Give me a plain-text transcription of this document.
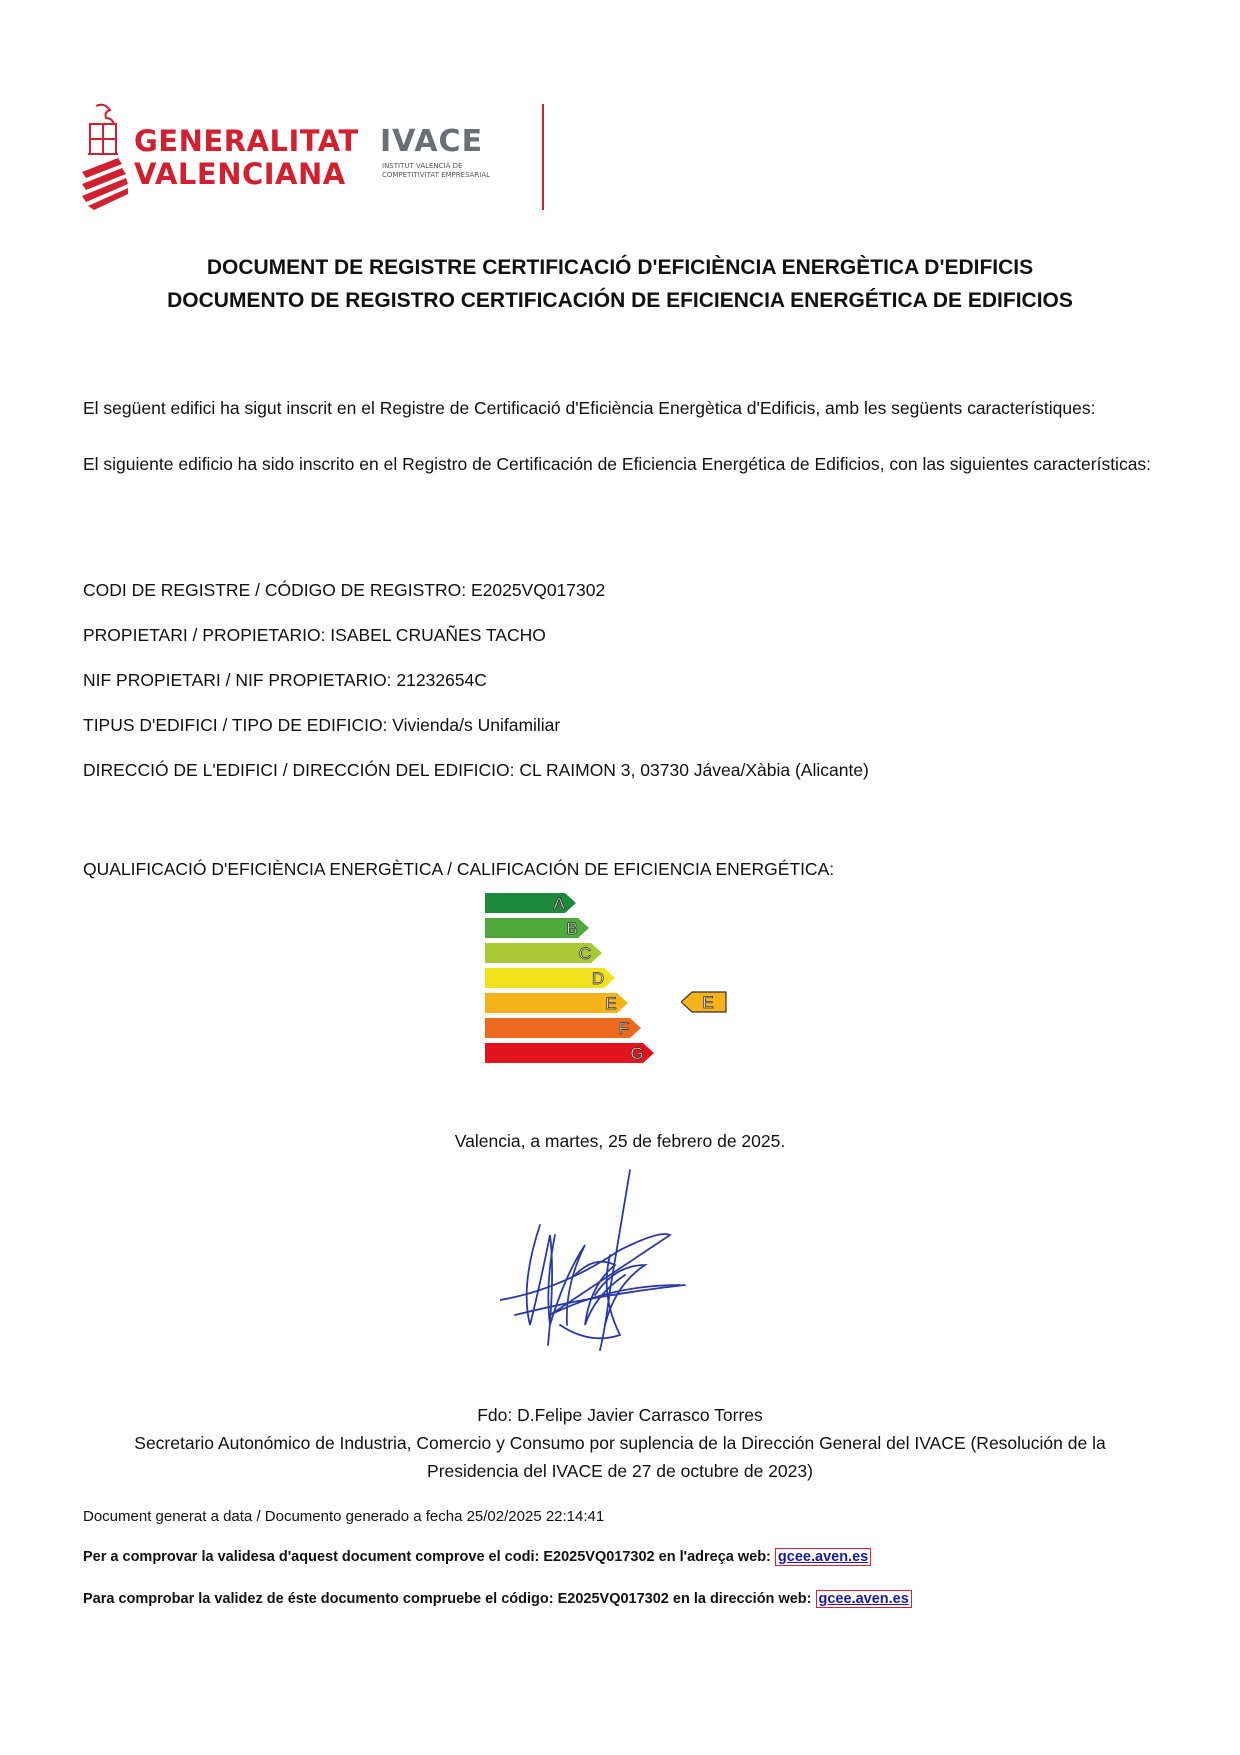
GENERALITAT
VALENCIANA
IVACE
INSTITUT VALENCIÀ DE
COMPETITIVITAT EMPRESARIAL
DOCUMENT DE REGISTRE CERTIFICACIÓ D'EFICIÈNCIA ENERGÈTICA D'EDIFICIS
DOCUMENTO DE REGISTRO CERTIFICACIÓN DE EFICIENCIA ENERGÉTICA DE EDIFICIOS
El següent edifici ha sigut inscrit en el Registre de Certificació d'Eficiència Energètica d'Edificis, amb les següents característiques:
El siguiente edificio ha sido inscrito en el Registro de Certificación de Eficiencia Energética de Edificios, con las siguientes características:
CODI DE REGISTRE / CÓDIGO DE REGISTRO: E2025VQ017302
PROPIETARI / PROPIETARIO: ISABEL CRUAÑES TACHO
NIF PROPIETARI / NIF PROPIETARIO: 21232654C
TIPUS D'EDIFICI / TIPO DE EDIFICIO: Vivienda/s Unifamiliar
DIRECCIÓ DE L'EDIFICI / DIRECCIÓN DEL EDIFICIO: CL RAIMON 3, 03730 Jávea/Xàbia (Alicante)
QUALIFICACIÓ D'EFICIÈNCIA ENERGÈTICA / CALIFICACIÓN DE EFICIENCIA ENERGÉTICA:
A
B
C
D
E
F
G
E
Valencia, a martes, 25 de febrero de 2025.
Fdo: D.Felipe Javier Carrasco Torres
Secretario Autonómico de Industria, Comercio y Consumo por suplencia de la Dirección General del IVACE (Resolución de la
Presidencia del IVACE de 27 de octubre de 2023)
Document generat a data / Documento generado a fecha 25/02/2025 22:14:41
Per a comprovar la validesa d'aquest document comprove el codi: E2025VQ017302 en l'adreça web: gcee.aven.es
Para comprobar la validez de éste documento compruebe el código: E2025VQ017302 en la dirección web: gcee.aven.es
